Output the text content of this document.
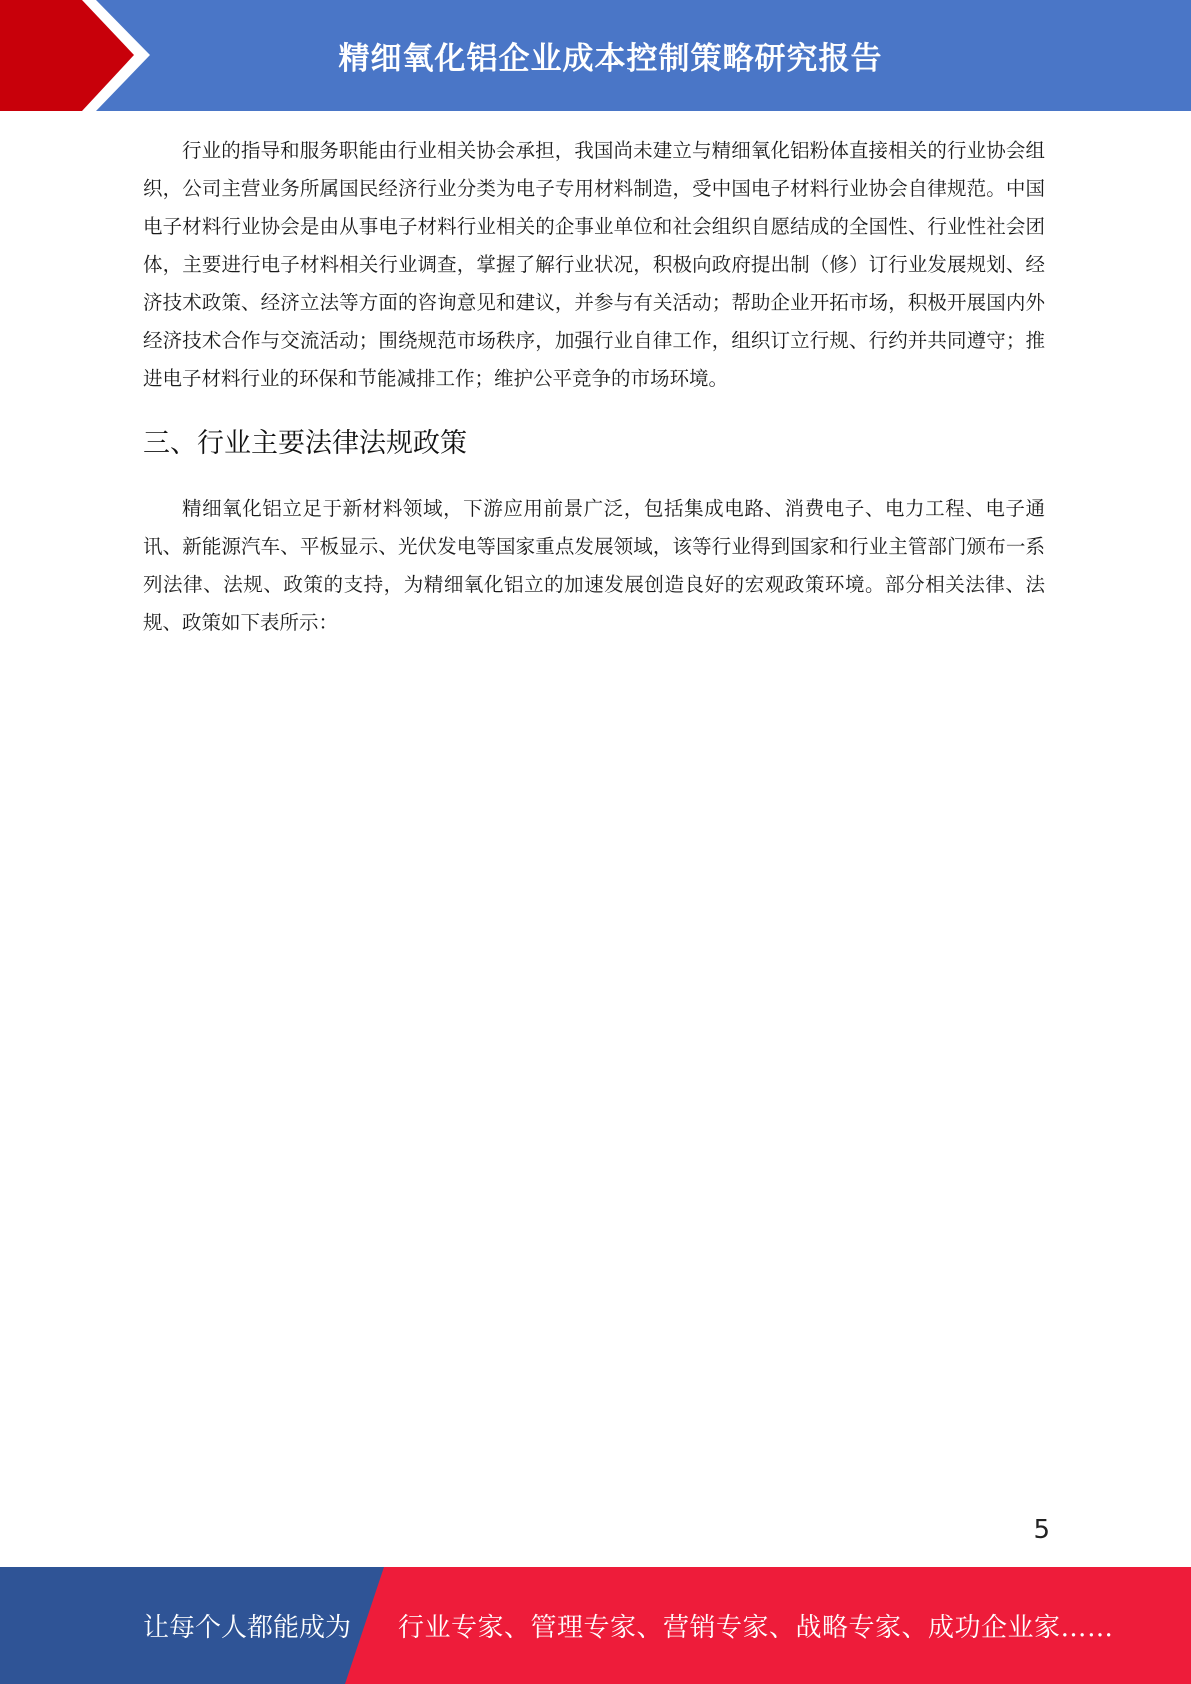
精细氧化铝企业成本控制策略研究报告

行业的指导和服务职能由行业相关协会承担，我国尚未建立与精细氧化铝粉体直接相关的行业协会组织，公司主营业务所属国民经济行业分类为电子专用材料制造，受中国电子材料行业协会自律规范。中国电子材料行业协会是由从事电子材料行业相关的企事业单位和社会组织自愿结成的全国性、行业性社会团体，主要进行电子材料相关行业调查，掌握了解行业状况，积极向政府提出制（修）订行业发展规划、经济技术政策、经济立法等方面的咨询意见和建议，并参与有关活动；帮助企业开拓市场，积极开展国内外经济技术合作与交流活动；围绕规范市场秩序，加强行业自律工作，组织订立行规、行约并共同遵守；推进电子材料行业的环保和节能减排工作；维护公平竞争的市场环境。

三、行业主要法律法规政策

精细氧化铝立足于新材料领域，下游应用前景广泛，包括集成电路、消费电子、电力工程、电子通讯、新能源汽车、平板显示、光伏发电等国家重点发展领域，该等行业得到国家和行业主管部门颁布一系列法律、法规、政策的支持，为精细氧化铝立的加速发展创造良好的宏观政策环境。部分相关法律、法规、政策如下表所示：

5
让每个人都能成为 行业专家、管理专家、营销专家、战略专家、成功企业家……
